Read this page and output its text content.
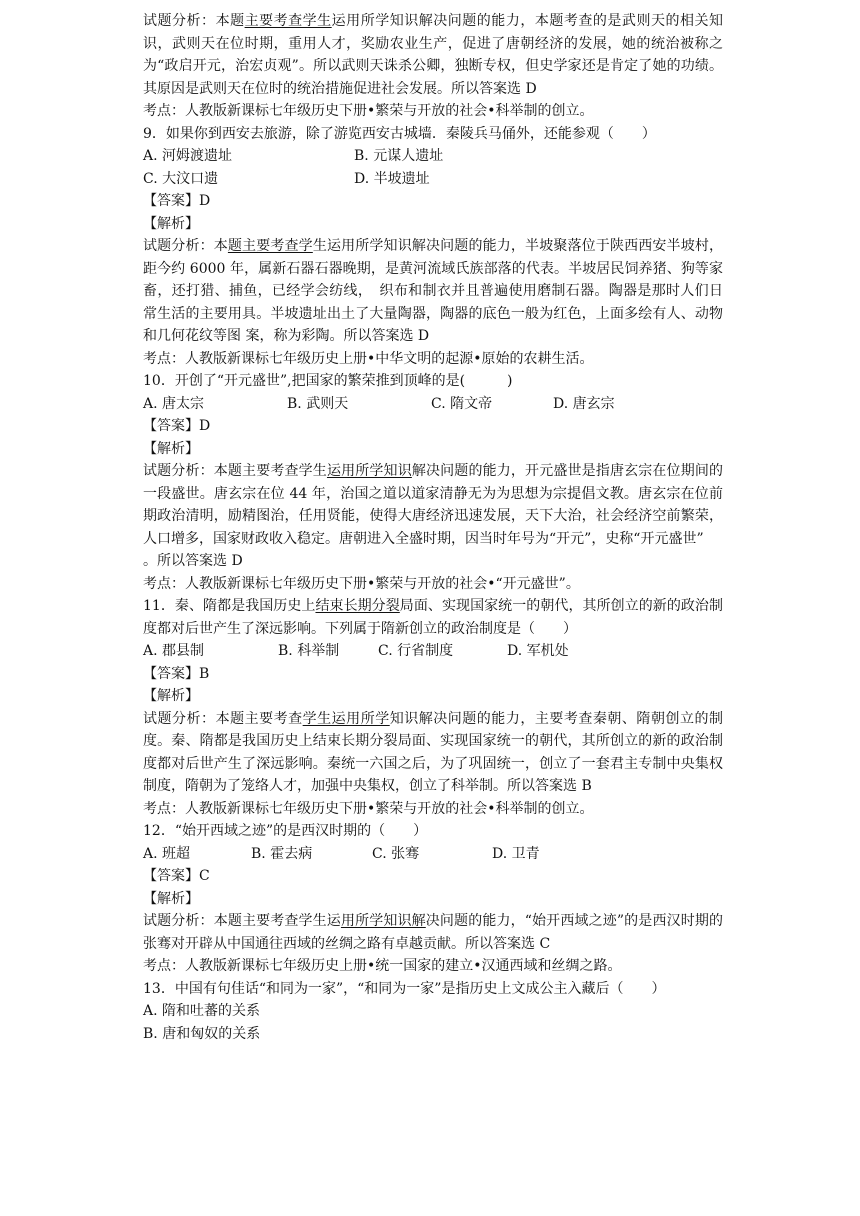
试题分析：本题主要考查学生运用所学知识解决问题的能力，本题考查的是武则天的相关知识，武则天在位时期，重用人才，奖励农业生产，促进了唐朝经济的发展，她的统治被称之为“政启开元，治宏贞观”。所以武则天诛杀公卿，独断专权，但史学家还是肯定了她的功绩。其原因是武则天在位时的统治措施促进社会发展。所以答案选 D
考点：人教版新课标七年级历史下册•繁荣与开放的社会•科举制的创立。
9．如果你到西安去旅游，除了游览西安古城墙．秦陵兵马俑外，还能参观（　　）
A. 河姆渡遗址	B. 元谋人遗址
C. 大汶口遗	D. 半坡遗址
【答案】D
【解析】
试题分析：本题主要考查学生运用所学知识解决问题的能力，半坡聚落位于陕西西安半坡村，距今约 6000 年，属新石器石器晚期，是黄河流域氏族部落的代表。半坡居民饲养猪、狗等家畜，还打猎、捕鱼，已经学会纺线，　织布和制衣并且普遍使用磨制石器。陶器是那时人们日常生活的主要用具。半坡遗址出土了大量陶器，陶器的底色一般为红色，上面多绘有人、动物和几何花纹等图 案，称为彩陶。所以答案选 D
考点：人教版新课标七年级历史上册•中华文明的起源•原始的农耕生活。
10．开创了“开元盛世”,把国家的繁荣推到顶峰的是(　　　)
A. 唐太宗	B. 武则天	C. 隋文帝	D. 唐玄宗
【答案】D
【解析】
试题分析：本题主要考查学生运用所学知识解决问题的能力，开元盛世是指唐玄宗在位期间的一段盛世。唐玄宗在位 44 年，治国之道以道家清静无为为思想为宗提倡文教。唐玄宗在位前期政治清明，励精图治，任用贤能，使得大唐经济迅速发展，天下大治，社会经济空前繁荣，人口增多，国家财政收入稳定。唐朝进入全盛时期，因当时年号为“开元”，史称“开元盛世”
。所以答案选 D
考点：人教版新课标七年级历史下册•繁荣与开放的社会•“开元盛世”。
11．秦、隋都是我国历史上结束长期分裂局面、实现国家统一的朝代，其所创立的新的政治制度都对后世产生了深远影响。下列属于隋新创立的政治制度是（　　）
A. 郡县制	B. 科举制	C. 行省制度	D. 军机处
【答案】B
【解析】
试题分析：本题主要考查学生运用所学知识解决问题的能力，主要考查秦朝、隋朝创立的制度。秦、隋都是我国历史上结束长期分裂局面、实现国家统一的朝代，其所创立的新的政治制度都对后世产生了深远影响。秦统一六国之后，为了巩固统一，创立了一套君主专制中央集权制度，隋朝为了笼络人才，加强中央集权，创立了科举制。所以答案选 B
考点：人教版新课标七年级历史下册•繁荣与开放的社会•科举制的创立。
12．“始开西域之迹”的是西汉时期的（　　）
A. 班超	B. 霍去病	C. 张骞	D. 卫青
【答案】C
【解析】
试题分析：本题主要考查学生运用所学知识解决问题的能力，“始开西域之迹”的是西汉时期的张骞对开辟从中国通往西域的丝绸之路有卓越贡献。所以答案选 C
考点：人教版新课标七年级历史上册•统一国家的建立•汉通西域和丝绸之路。
13．中国有句佳话“和同为一家”，“和同为一家”是指历史上文成公主入藏后（　　）
A. 隋和吐蕃的关系
B. 唐和匈奴的关系
